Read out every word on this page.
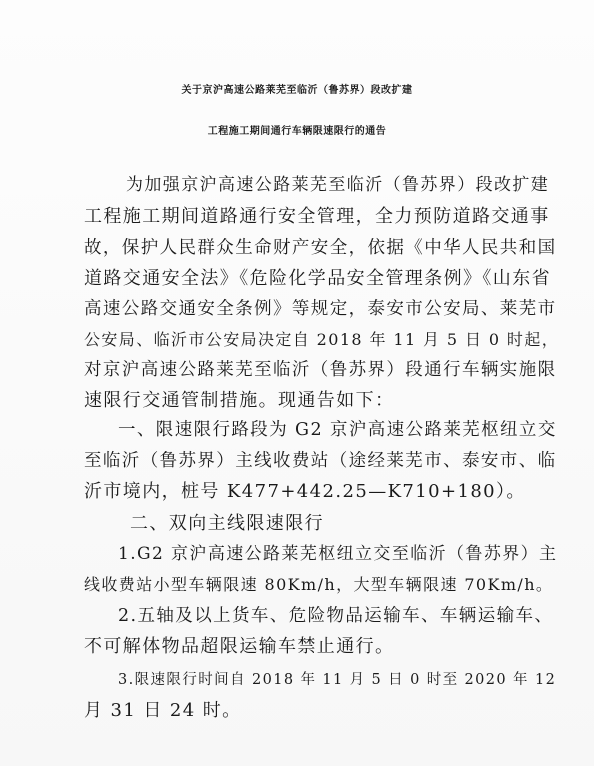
关于京沪高速公路莱芜至临沂（鲁苏界）段改扩建
工程施工期间通行车辆限速限行的通告
为加强京沪高速公路莱芜至临沂（鲁苏界）段改扩建
工程施工期间道路通行安全管理，全力预防道路交通事
故，保护人民群众生命财产安全，依据《中华人民共和国
道路交通安全法》《危险化学品安全管理条例》《山东省
高速公路交通安全条例》等规定，泰安市公安局、莱芜市
公安局、临沂市公安局决定自 2018 年 11 月 5 日 0 时起，
对京沪高速公路莱芜至临沂（鲁苏界）段通行车辆实施限
速限行交通管制措施。现通告如下：
一、限速限行路段为 G2 京沪高速公路莱芜枢纽立交
至临沂（鲁苏界）主线收费站（途经莱芜市、泰安市、临
沂市境内，桩号 K477+442.25—K710+180）。
二、双向主线限速限行
1.G2 京沪高速公路莱芜枢纽立交至临沂（鲁苏界）主
线收费站小型车辆限速 80Km/h，大型车辆限速 70Km/h。
2.五轴及以上货车、危险物品运输车、车辆运输车、
不可解体物品超限运输车禁止通行。
3.限速限行时间自 2018 年 11 月 5 日 0 时至 2020 年 12
月 31 日 24 时。
